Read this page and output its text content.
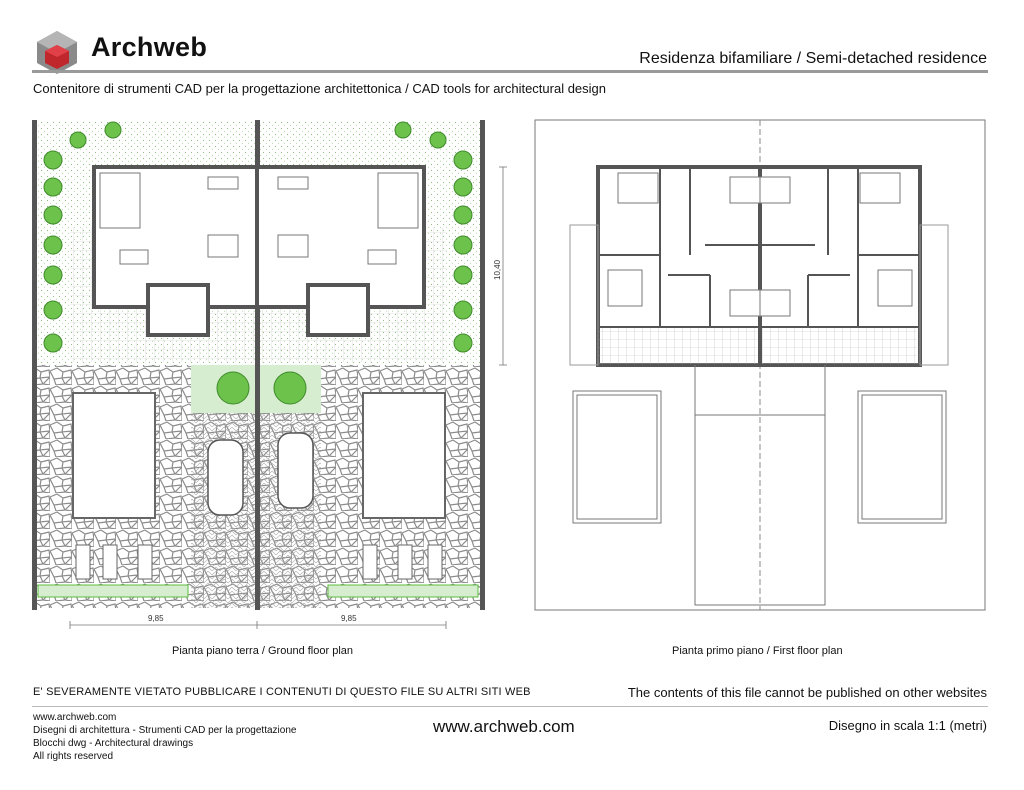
Archweb	Residenza bifamiliare / Semi-detached residence
Contenitore di strumenti CAD per la progettazione architettonica / CAD tools for architectural design
9,85	9,85
10,40
Pianta piano terra / Ground floor plan	Pianta primo piano / First floor plan
E' SEVERAMENTE VIETATO PUBBLICARE I CONTENUTI DI QUESTO FILE SU ALTRI SITI WEB	The contents of this file cannot be published on other websites
www.archweb.com
Disegni di architettura - Strumenti CAD per la progettazione
Blocchi dwg - Architectural drawings
All rights reserved
www.archweb.com	Disegno in scala 1:1 (metri)
